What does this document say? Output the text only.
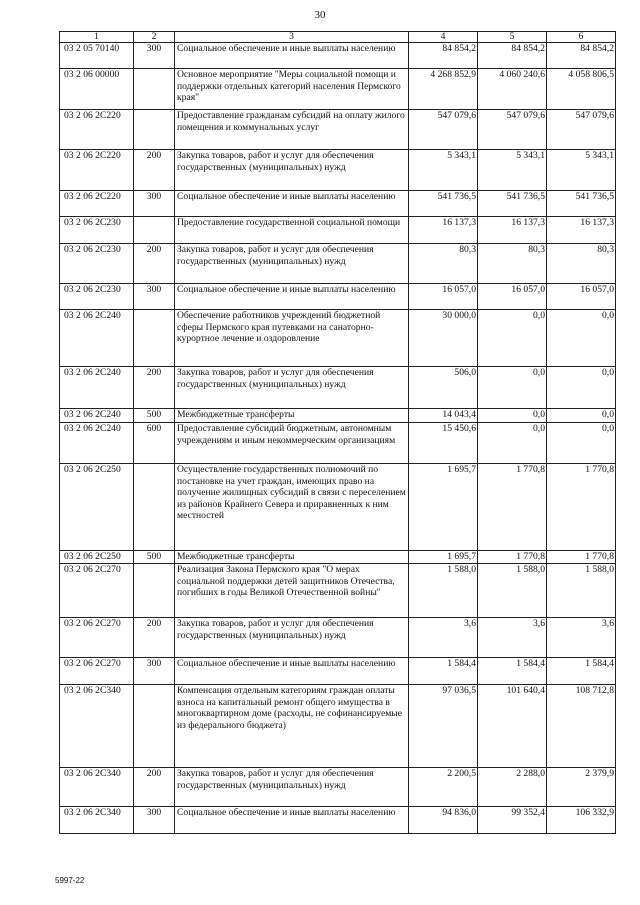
30
1	2	3	4	5	6
03 2 05 70140	300	Социальное обеспечение и иные выплаты населению	84 854,2	84 854,2	84 854,2
03 2 06 00000		Основное мероприятие "Меры социальной помощи и поддержки отдельных категорий населения Пермского края"	4 268 852,9	4 060 240,6	4 058 806,5
03 2 06 2С220		Предоставление гражданам субсидий на оплату жилого помещения и коммунальных услуг	547 079,6	547 079,6	547 079,6
03 2 06 2С220	200	Закупка товаров, работ и услуг для обеспечения государственных (муниципальных) нужд	5 343,1	5 343,1	5 343,1
03 2 06 2С220	300	Социальное обеспечение и иные выплаты населению	541 736,5	541 736,5	541 736,5
03 2 06 2С230		Предоставление государственной социальной помощи	16 137,3	16 137,3	16 137,3
03 2 06 2С230	200	Закупка товаров, работ и услуг для обеспечения государственных (муниципальных) нужд	80,3	80,3	80,3
03 2 06 2С230	300	Социальное обеспечение и иные выплаты населению	16 057,0	16 057,0	16 057,0
03 2 06 2С240		Обеспечение работников учреждений бюджетной сферы Пермского края путевками на санаторно-курортное лечение и оздоровление	30 000,0	0,0	0,0
03 2 06 2С240	200	Закупка товаров, работ и услуг для обеспечения государственных (муниципальных) нужд	506,0	0,0	0,0
03 2 06 2С240	500	Межбюджетные трансферты	14 043,4	0,0	0,0
03 2 06 2С240	600	Предоставление субсидий бюджетным, автономным учреждениям и иным некоммерческим организациям	15 450,6	0,0	0,0
03 2 06 2С250		Осуществление государственных полномочий по постановке на учет граждан, имеющих право на получение жилищных субсидий в связи с переселением из районов Крайнего Севера и приравненных к ним местностей	1 695,7	1 770,8	1 770,8
03 2 06 2С250	500	Межбюджетные трансферты	1 695,7	1 770,8	1 770,8
03 2 06 2С270		Реализация Закона Пермского края "О мерах социальной поддержки детей защитников Отечества, погибших в годы Великой Отечественной войны"	1 588,0	1 588,0	1 588,0
03 2 06 2С270	200	Закупка товаров, работ и услуг для обеспечения государственных (муниципальных) нужд	3,6	3,6	3,6
03 2 06 2С270	300	Социальное обеспечение и иные выплаты населению	1 584,4	1 584,4	1 584,4
03 2 06 2С340		Компенсация отдельным категориям граждан оплаты взноса на капитальный ремонт общего имущества в многоквартирном доме (расходы, не софинансируемые из федерального бюджета)	97 036,5	101 640,4	108 712,8
03 2 06 2С340	200	Закупка товаров, работ и услуг для обеспечения государственных (муниципальных) нужд	2 200,5	2 288,0	2 379,9
03 2 06 2С340	300	Социальное обеспечение и иные выплаты населению	94 836,0	99 352,4	106 332,9
5997-22
